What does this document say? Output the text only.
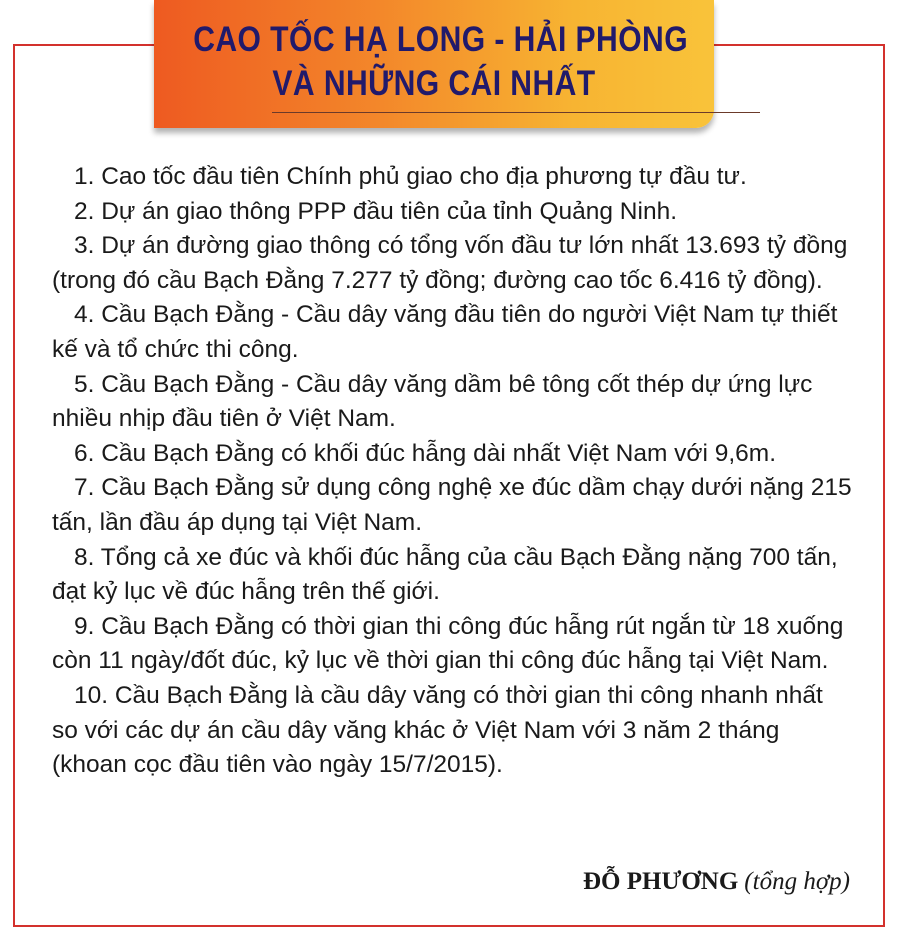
CAO TỐC HẠ LONG - HẢI PHÒNG
VÀ NHỮNG CÁI NHẤT

1. Cao tốc đầu tiên Chính phủ giao cho địa phương tự đầu tư.

2. Dự án giao thông PPP đầu tiên của tỉnh Quảng Ninh.

3. Dự án đường giao thông có tổng vốn đầu tư lớn nhất 13.693 tỷ đồng (trong đó cầu Bạch Đằng 7.277 tỷ đồng; đường cao tốc 6.416 tỷ đồng).

4. Cầu Bạch Đằng - Cầu dây văng đầu tiên do người Việt Nam tự thiết kế và tổ chức thi công.

5. Cầu Bạch Đằng - Cầu dây văng dầm bê tông cốt thép dự ứng lực nhiều nhịp đầu tiên ở Việt Nam.

6. Cầu Bạch Đằng có khối đúc hẫng dài nhất Việt Nam với 9,6m.

7. Cầu Bạch Đằng sử dụng công nghệ xe đúc dầm chạy dưới nặng 215 tấn, lần đầu áp dụng tại Việt Nam.

8. Tổng cả xe đúc và khối đúc hẫng của cầu Bạch Đằng nặng 700 tấn, đạt kỷ lục về đúc hẫng trên thế giới.

9. Cầu Bạch Đằng có thời gian thi công đúc hẫng rút ngắn từ 18 xuống còn 11 ngày/đốt đúc, kỷ lục về thời gian thi công đúc hẫng tại Việt Nam.

10. Cầu Bạch Đằng là cầu dây văng có thời gian thi công nhanh nhất so với các dự án cầu dây văng khác ở Việt Nam với 3 năm 2 tháng (khoan cọc đầu tiên vào ngày 15/7/2015).

ĐỖ PHƯƠNG (tổng hợp)
